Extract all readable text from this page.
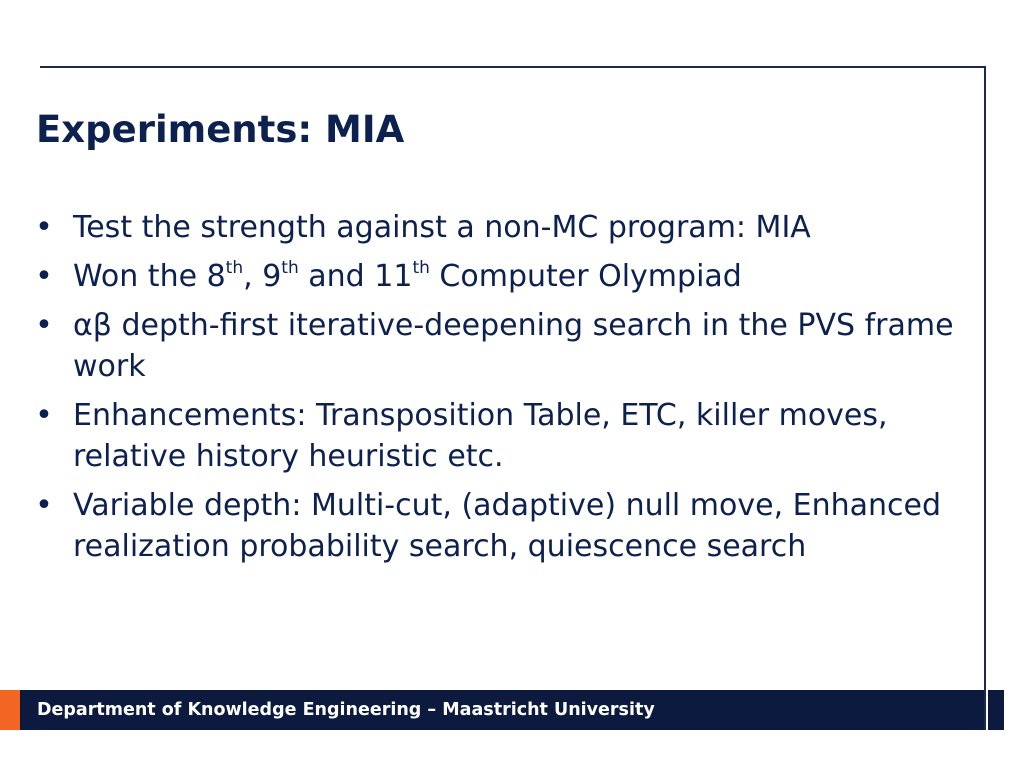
Experiments: MIA
• Test the strength against a non-MC program: MIA
• Won the 8th, 9th and 11th Computer Olympiad
• αβ depth-first iterative-deepening search in the PVS frame work
• Enhancements: Transposition Table, ETC, killer moves, relative history heuristic etc.
• Variable depth: Multi-cut, (adaptive) null move, Enhanced realization probability search, quiescence search
Department of Knowledge Engineering – Maastricht University
